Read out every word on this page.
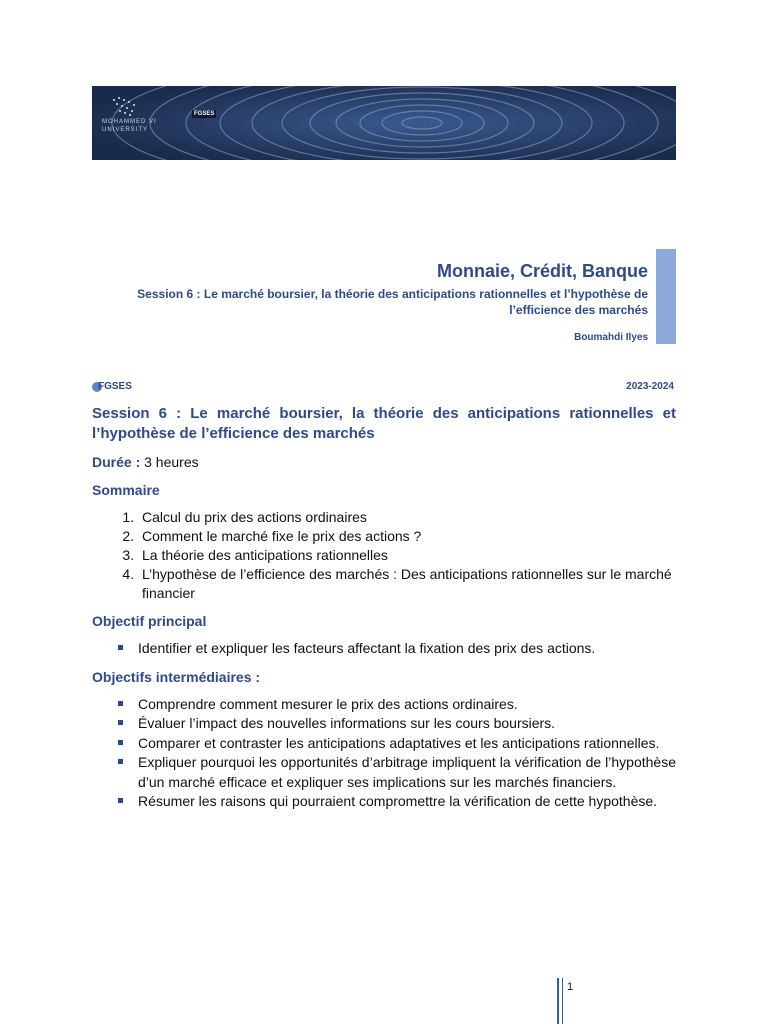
MOHAMMED VI
UNIVERSITY
FGSES
Monnaie, Crédit, Banque
Session 6 : Le marché boursier, la théorie des anticipations rationnelles et l’hypothèse de l’efficience des marchés
Boumahdi Ilyes
FGSES	2023-2024

Session 6 : Le marché boursier, la théorie des anticipations rationnelles et l’hypothèse de l’efficience des marchés

Durée : 3 heures

Sommaire

1. Calcul du prix des actions ordinaires
2. Comment le marché fixe le prix des actions ?
3. La théorie des anticipations rationnelles
4. L’hypothèse de l’efficience des marchés : Des anticipations rationnelles sur le marché financier

Objectif principal

Identifier et expliquer les facteurs affectant la fixation des prix des actions.

Objectifs intermédiaires :

Comprendre comment mesurer le prix des actions ordinaires.
Évaluer l’impact des nouvelles informations sur les cours boursiers.
Comparer et contraster les anticipations adaptatives et les anticipations rationnelles.
Expliquer pourquoi les opportunités d’arbitrage impliquent la vérification de l’hypothèse d’un marché efficace et expliquer ses implications sur les marchés financiers.
Résumer les raisons qui pourraient compromettre la vérification de cette hypothèse.
1
